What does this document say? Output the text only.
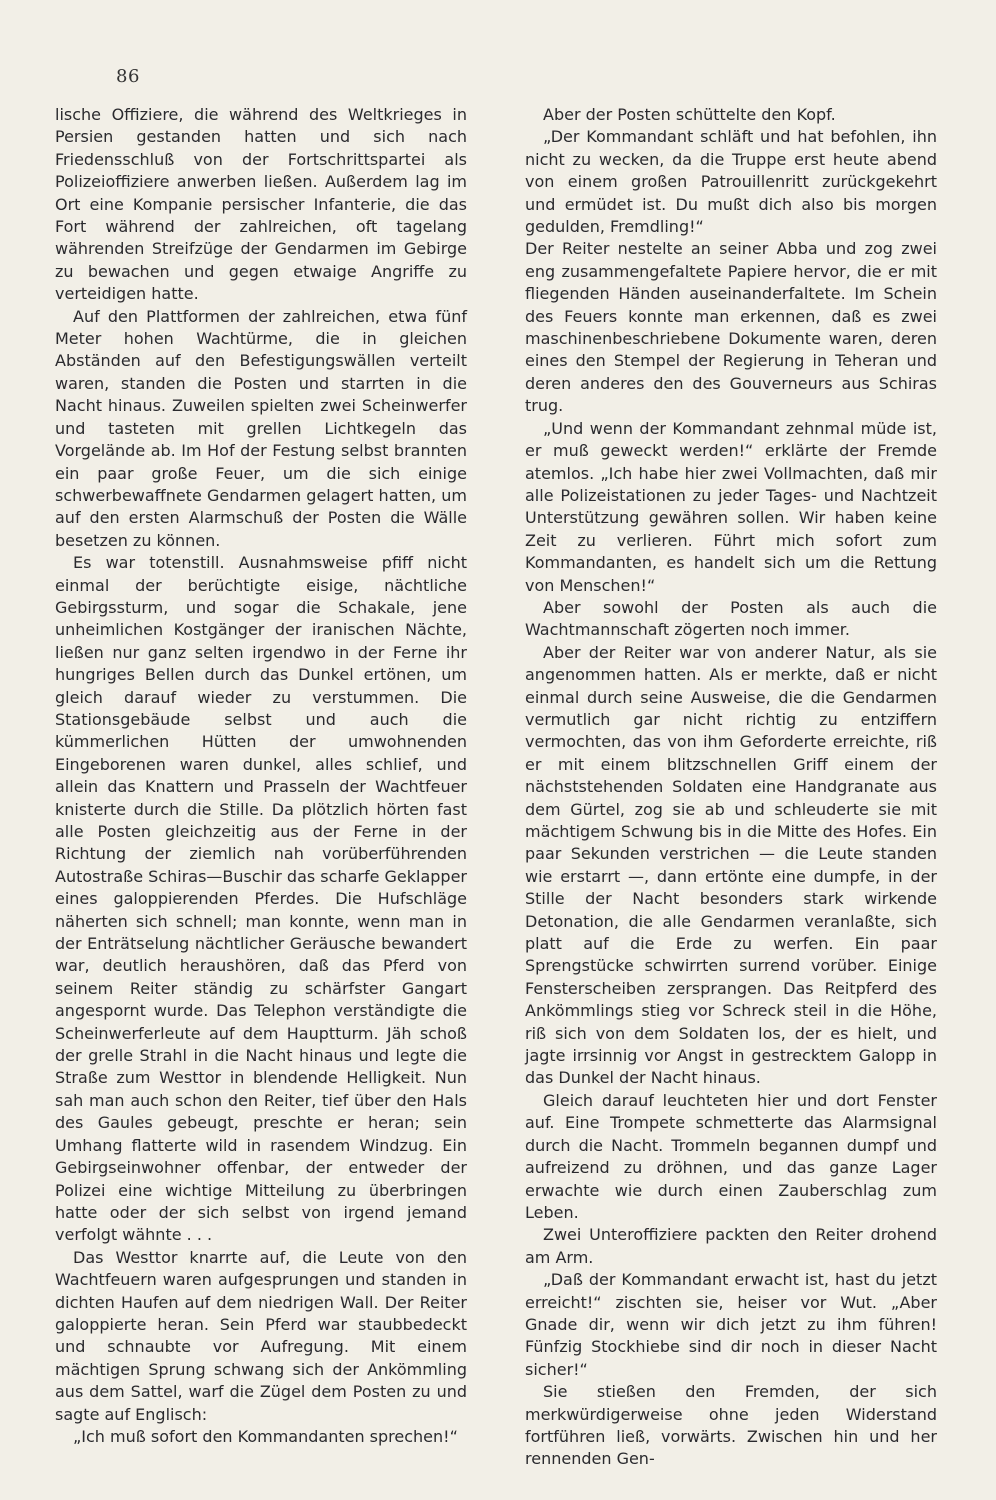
86

lische Offiziere, die während des Weltkrieges in Persien gestanden hatten und sich nach Friedensschluß von der Fortschrittspartei als Polizeioffiziere anwerben ließen. Außerdem lag im Ort eine Kompanie persischer Infanterie, die das Fort während der zahlreichen, oft tagelang währenden Streifzüge der Gendarmen im Gebirge zu bewachen und gegen etwaige Angriffe zu verteidigen hatte.

Auf den Plattformen der zahlreichen, etwa fünf Meter hohen Wachtürme, die in gleichen Abständen auf den Befestigungswällen verteilt waren, standen die Posten und starrten in die Nacht hinaus. Zuweilen spielten zwei Scheinwerfer und tasteten mit grellen Lichtkegeln das Vorgelände ab. Im Hof der Festung selbst brannten ein paar große Feuer, um die sich einige schwerbewaffnete Gendarmen gelagert hatten, um auf den ersten Alarmschuß der Posten die Wälle besetzen zu können.

Es war totenstill. Ausnahmsweise pfiff nicht einmal der berüchtigte eisige, nächtliche Gebirgssturm, und sogar die Schakale, jene unheimlichen Kostgänger der iranischen Nächte, ließen nur ganz selten irgendwo in der Ferne ihr hungriges Bellen durch das Dunkel ertönen, um gleich darauf wieder zu verstummen. Die Stationsgebäude selbst und auch die kümmerlichen Hütten der umwohnenden Eingeborenen waren dunkel, alles schlief, und allein das Knattern und Prasseln der Wachtfeuer knisterte durch die Stille. Da plötzlich hörten fast alle Posten gleichzeitig aus der Ferne in der Richtung der ziemlich nah vorüberführenden Autostraße Schiras—Buschir das scharfe Geklapper eines galoppierenden Pferdes. Die Hufschläge näherten sich schnell; man konnte, wenn man in der Enträtselung nächtlicher Geräusche bewandert war, deutlich heraushören, daß das Pferd von seinem Reiter ständig zu schärfster Gangart angespornt wurde. Das Telephon verständigte die Scheinwerferleute auf dem Hauptturm. Jäh schoß der grelle Strahl in die Nacht hinaus und legte die Straße zum Westtor in blendende Helligkeit. Nun sah man auch schon den Reiter, tief über den Hals des Gaules gebeugt, preschte er heran; sein Umhang flatterte wild in rasendem Windzug. Ein Gebirgseinwohner offenbar, der entweder der Polizei eine wichtige Mitteilung zu überbringen hatte oder der sich selbst von irgend jemand verfolgt wähnte . . .

Das Westtor knarrte auf, die Leute von den Wachtfeuern waren aufgesprungen und standen in dichten Haufen auf dem niedrigen Wall. Der Reiter galoppierte heran. Sein Pferd war staubbedeckt und schnaubte vor Aufregung. Mit einem mächtigen Sprung schwang sich der Ankömmling aus dem Sattel, warf die Zügel dem Posten zu und sagte auf Englisch:

„Ich muß sofort den Kommandanten sprechen!“

Aber der Posten schüttelte den Kopf.

„Der Kommandant schläft und hat befohlen, ihn nicht zu wecken, da die Truppe erst heute abend von einem großen Patrouillenritt zurückgekehrt und ermüdet ist. Du mußt dich also bis morgen gedulden, Fremdling!“

Der Reiter nestelte an seiner Abba und zog zwei eng zusammengefaltete Papiere hervor, die er mit fliegenden Händen auseinanderfaltete. Im Schein des Feuers konnte man erkennen, daß es zwei maschinenbeschriebene Dokumente waren, deren eines den Stempel der Regierung in Teheran und deren anderes den des Gouverneurs aus Schiras trug.

„Und wenn der Kommandant zehnmal müde ist, er muß geweckt werden!“ erklärte der Fremde atemlos. „Ich habe hier zwei Vollmachten, daß mir alle Polizeistationen zu jeder Tages- und Nachtzeit Unterstützung gewähren sollen. Wir haben keine Zeit zu verlieren. Führt mich sofort zum Kommandanten, es handelt sich um die Rettung von Menschen!“

Aber sowohl der Posten als auch die Wachtmannschaft zögerten noch immer.

Aber der Reiter war von anderer Natur, als sie angenommen hatten. Als er merkte, daß er nicht einmal durch seine Ausweise, die die Gendarmen vermutlich gar nicht richtig zu entziffern vermochten, das von ihm Geforderte erreichte, riß er mit einem blitzschnellen Griff einem der nächststehenden Soldaten eine Handgranate aus dem Gürtel, zog sie ab und schleuderte sie mit mächtigem Schwung bis in die Mitte des Hofes. Ein paar Sekunden verstrichen — die Leute standen wie erstarrt —, dann ertönte eine dumpfe, in der Stille der Nacht besonders stark wirkende Detonation, die alle Gendarmen veranlaßte, sich platt auf die Erde zu werfen. Ein paar Sprengstücke schwirrten surrend vorüber. Einige Fensterscheiben zersprangen. Das Reitpferd des Ankömmlings stieg vor Schreck steil in die Höhe, riß sich von dem Soldaten los, der es hielt, und jagte irrsinnig vor Angst in gestrecktem Galopp in das Dunkel der Nacht hinaus.

Gleich darauf leuchteten hier und dort Fenster auf. Eine Trompete schmetterte das Alarmsignal durch die Nacht. Trommeln begannen dumpf und aufreizend zu dröhnen, und das ganze Lager erwachte wie durch einen Zauberschlag zum Leben.

Zwei Unteroffiziere packten den Reiter drohend am Arm.

„Daß der Kommandant erwacht ist, hast du jetzt erreicht!“ zischten sie, heiser vor Wut. „Aber Gnade dir, wenn wir dich jetzt zu ihm führen! Fünfzig Stockhiebe sind dir noch in dieser Nacht sicher!“

Sie stießen den Fremden, der sich merkwürdigerweise ohne jeden Widerstand fortführen ließ, vorwärts. Zwischen hin und her rennenden Gen-
